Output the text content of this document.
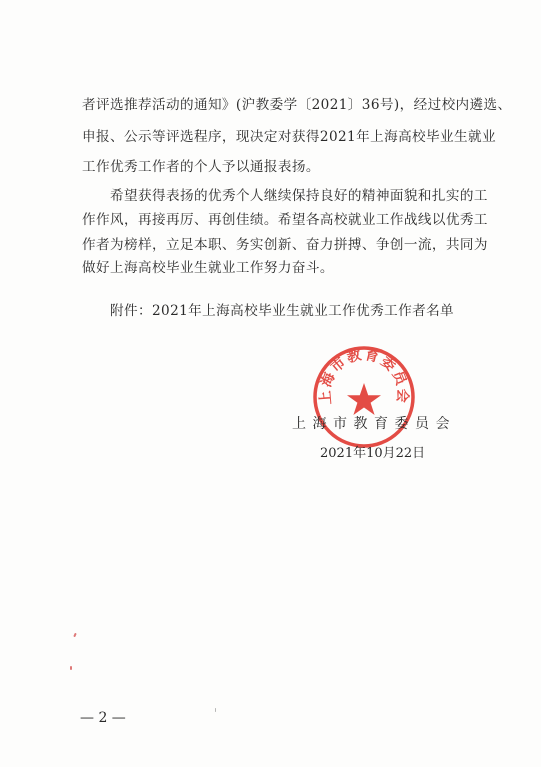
者评选推荐活动的通知》(沪教委学〔2021〕36号)，经过校内遴选、
申报、公示等评选程序，现决定对获得2021年上海高校毕业生就业
工作优秀工作者的个人予以通报表扬。
希望获得表扬的优秀个人继续保持良好的精神面貌和扎实的工
作作风，再接再厉、再创佳绩。希望各高校就业工作战线以优秀工
作者为榜样，立足本职、务实创新、奋力拼搏、争创一流，共同为
做好上海高校毕业生就业工作努力奋斗。
附件：2021年上海高校毕业生就业工作优秀工作者名单
上海市教育委员会
上海市教育委员会
2021年10月22日
— 2 —
